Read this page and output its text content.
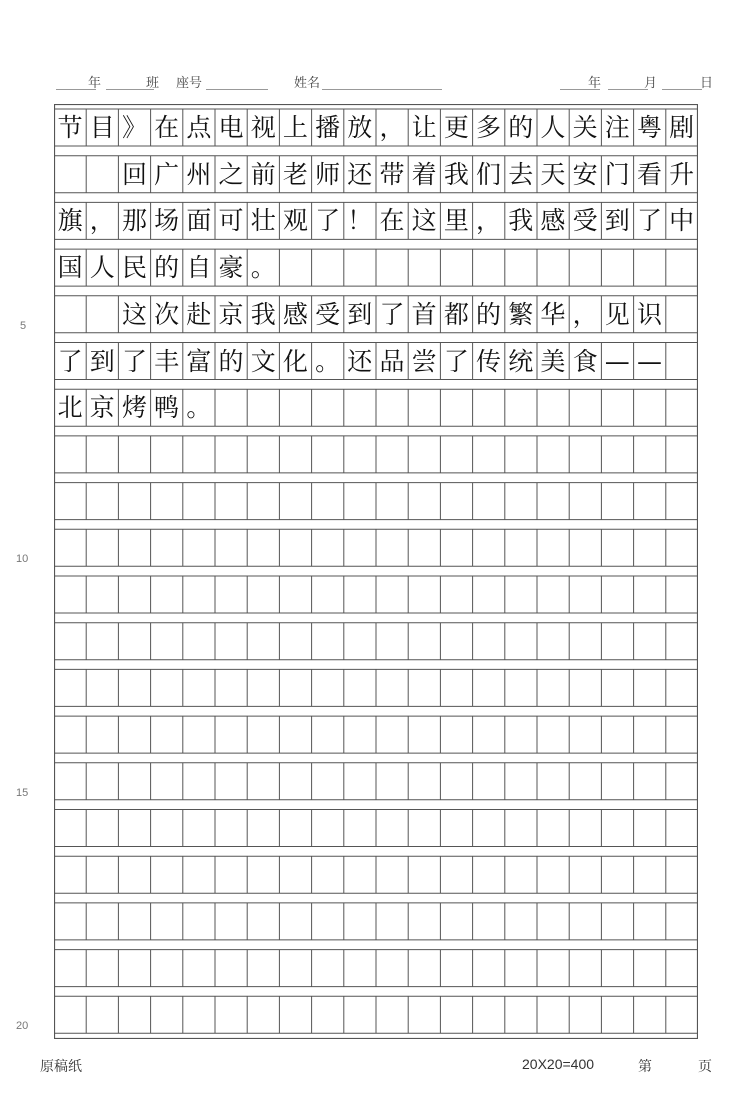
年	班 座号	姓名	年	月	日
5
10
15
20
节 目 》 在 点 电 视 上 播 放 ， 让 更 多 的 人 关 注 粤 剧
回 广 州 之 前 老 师 还 带 着 我 们 去 天 安 门 看 升
旗 ， 那 场 面 可 壮 观 了 ！ 在 这 里 ， 我 感 受 到 了 中
国 人 民 的 自 豪 。
这 次 赴 京 我 感 受 到 了 首 都 的 繁 华 ， 见 识
了 到 了 丰 富 的 文 化 。 还 品 尝 了 传 统 美 食 — —
北 京 烤 鸭 。
原稿纸	20X20=400	第	页
